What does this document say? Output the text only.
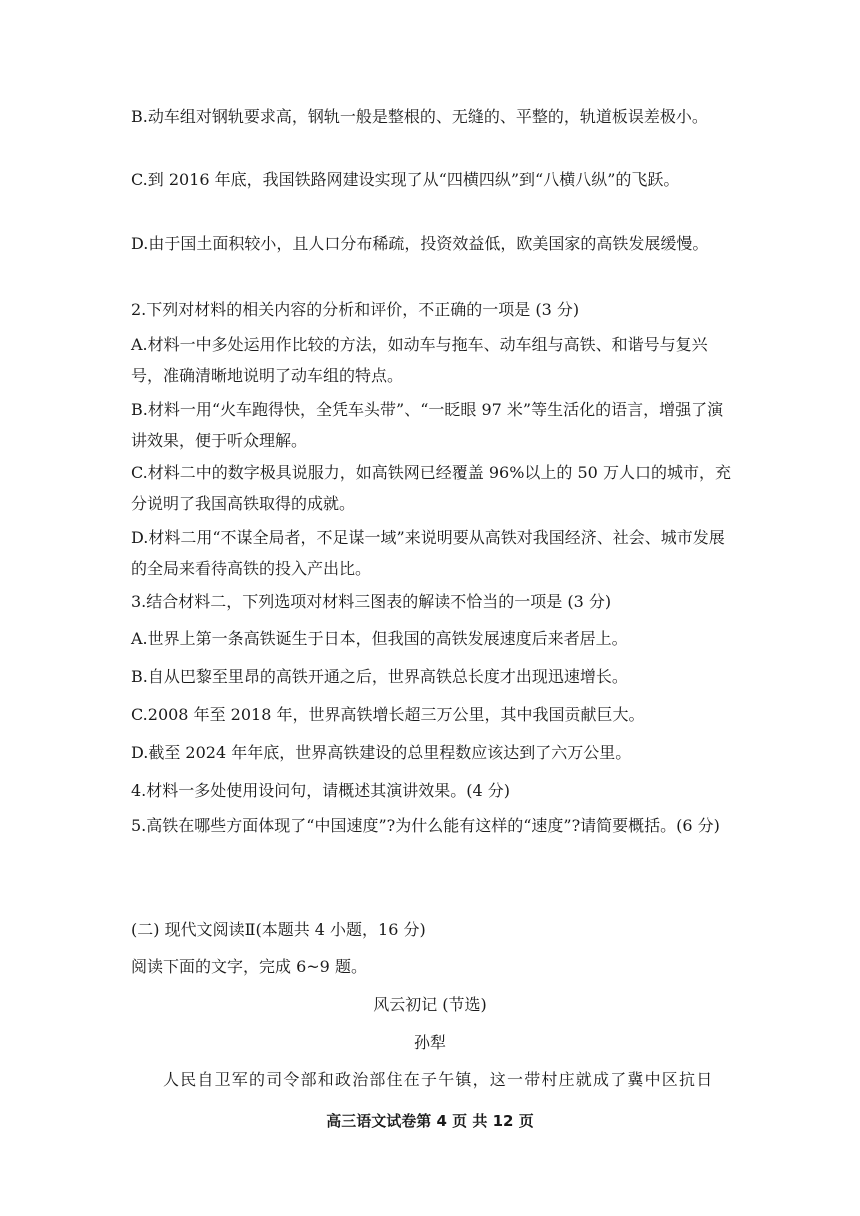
B.动车组对钢轨要求高，钢轨一般是整根的、无缝的、平整的，轨道板误差极小。

C.到 2016 年底，我国铁路网建设实现了从“四横四纵”到“八横八纵”的飞跃。

D.由于国土面积较小，且人口分布稀疏，投资效益低，欧美国家的高铁发展缓慢。

2.下列对材料的相关内容的分析和评价，不正确的一项是 (3 分)

A.材料一中多处运用作比较的方法，如动车与拖车、动车组与高铁、和谐号与复兴号，准确清晰地说明了动车组的特点。

B.材料一用“火车跑得快，全凭车头带”、“一眨眼 97 米”等生活化的语言，增强了演讲效果，便于听众理解。

C.材料二中的数字极具说服力，如高铁网已经覆盖 96%以上的 50 万人口的城市，充分说明了我国高铁取得的成就。

D.材料二用“不谋全局者，不足谋一域”来说明要从高铁对我国经济、社会、城市发展的全局来看待高铁的投入产出比。

3.结合材料二，下列选项对材料三图表的解读不恰当的一项是 (3 分)

A.世界上第一条高铁诞生于日本，但我国的高铁发展速度后来者居上。

B.自从巴黎至里昂的高铁开通之后，世界高铁总长度才出现迅速增长。

C.2008 年至 2018 年，世界高铁增长超三万公里，其中我国贡献巨大。

D.截至 2024 年年底，世界高铁建设的总里程数应该达到了六万公里。

4.材料一多处使用设问句，请概述其演讲效果。(4 分)

5.高铁在哪些方面体现了“中国速度”?为什么能有这样的“速度”?请简要概括。(6 分)

(二) 现代文阅读Ⅱ(本题共 4 小题，16 分)

阅读下面的文字，完成 6~9 题。

风云初记 (节选)

孙犁

人民自卫军的司令部和政治部住在子午镇，这一带村庄就成了冀中区抗日

高三语文试卷第 4 页 共 12 页
